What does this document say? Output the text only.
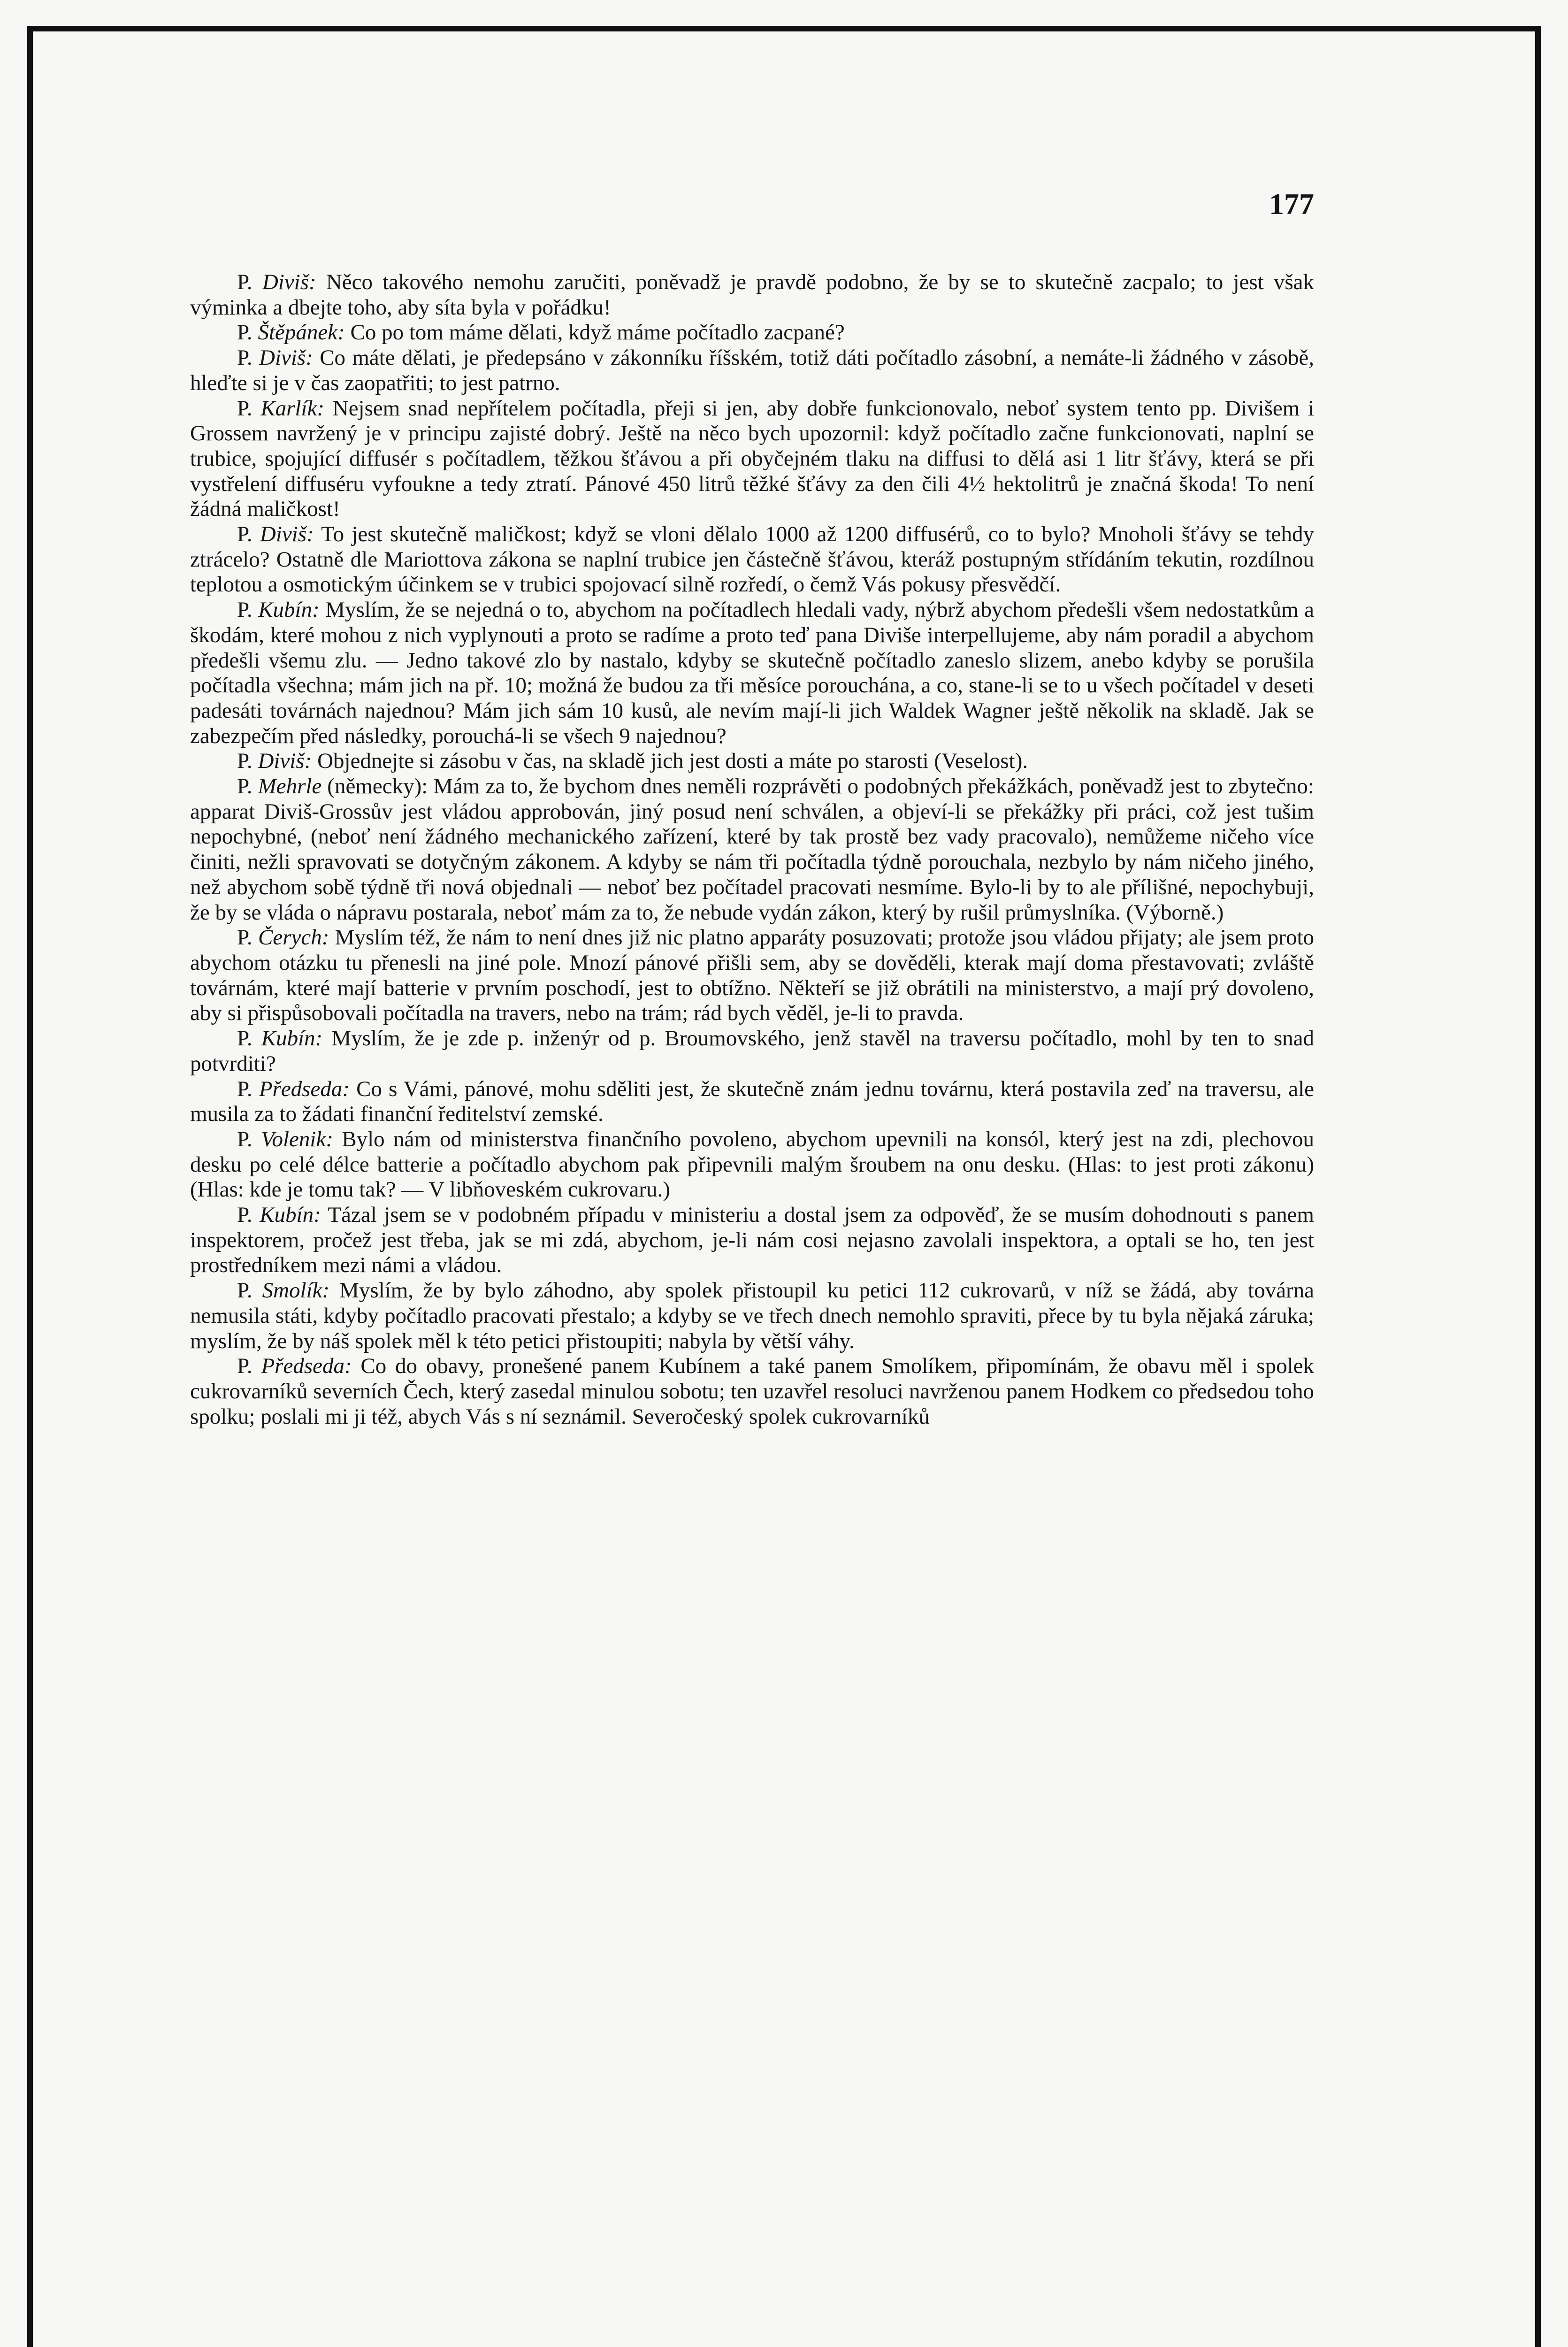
177

P. Diviš: Něco takového nemohu zaručiti, poněvadž je pravdě podobno, že by se to skutečně zacpalo; to jest však výminka a dbejte toho, aby síta byla v pořádku!

P. Štěpánek: Co po tom máme dělati, když máme počítadlo zacpané?

P. Diviš: Co máte dělati, je předepsáno v zákonníku říšském, totiž dáti počítadlo zásobní, a nemáte-li žádného v zásobě, hleďte si je v čas zaopatřiti; to jest patrno.

P. Karlík: Nejsem snad nepřítelem počítadla, přeji si jen, aby dobře funkcionovalo, neboť system tento pp. Divišem i Grossem navržený je v principu zajisté dobrý. Ještě na něco bych upozornil: když počítadlo začne funkcionovati, naplní se trubice, spojující diffusér s počítadlem, těžkou šťávou a při obyčejném tlaku na diffusi to dělá asi 1 litr šťávy, která se při vystřelení diffuséru vyfoukne a tedy ztratí. Pánové 450 litrů těžké šťávy za den čili 4½ hektolitrů je značná škoda! To není žádná maličkost!

P. Diviš: To jest skutečně maličkost; když se vloni dělalo 1000 až 1200 diffusérů, co to bylo? Mnoholi šťávy se tehdy ztrácelo? Ostatně dle Mariottova zákona se naplní trubice jen částečně šťávou, kteráž postupným střídáním tekutin, rozdílnou teplotou a osmotickým účinkem se v trubici spojovací silně rozředí, o čemž Vás pokusy přesvědčí.

P. Kubín: Myslím, že se nejedná o to, abychom na počítadlech hledali vady, nýbrž abychom předešli všem nedostatkům a škodám, které mohou z nich vyplynouti a proto se radíme a proto teď pana Diviše interpellujeme, aby nám poradil a abychom předešli všemu zlu. — Jedno takové zlo by nastalo, kdyby se skutečně počítadlo zaneslo slizem, anebo kdyby se porušila počítadla všechna; mám jich na př. 10; možná že budou za tři měsíce porouchána, a co, stane-li se to u všech počítadel v deseti padesáti továrnách najednou? Mám jich sám 10 kusů, ale nevím mají-li jich Waldek Wagner ještě několik na skladě. Jak se zabezpečím před následky, porouchá-li se všech 9 najednou?

P. Diviš: Objednejte si zásobu v čas, na skladě jich jest dosti a máte po starosti (Veselost).

P. Mehrle (německy): Mám za to, že bychom dnes neměli rozprávěti o podobných překážkách, poněvadž jest to zbytečno: apparat Diviš-Grossův jest vládou approbován, jiný posud není schválen, a objeví-li se překážky při práci, což jest tušim nepochybné, (neboť není žádného mechanického zařízení, které by tak prostě bez vady pracovalo), nemůžeme ničeho více činiti, nežli spravovati se dotyčným zákonem. A kdyby se nám tři počítadla týdně porouchala, nezbylo by nám ničeho jiného, než abychom sobě týdně tři nová objednali — neboť bez počítadel pracovati nesmíme. Bylo-li by to ale přílišné, nepochybuji, že by se vláda o nápravu postarala, neboť mám za to, že nebude vydán zákon, který by rušil průmyslníka. (Výborně.)

P. Čerych: Myslím též, že nám to není dnes již nic platno apparáty posuzovati; protože jsou vládou přijaty; ale jsem proto abychom otázku tu přenesli na jiné pole. Mnozí pánové přišli sem, aby se dověděli, kterak mají doma přestavovati; zvláště továrnám, které mají batterie v prvním poschodí, jest to obtížno. Někteří se již obrátili na ministerstvo, a mají prý dovoleno, aby si přispůsobovali počítadla na travers, nebo na trám; rád bych věděl, je-li to pravda.

P. Kubín: Myslím, že je zde p. inženýr od p. Broumovského, jenž stavěl na traversu počítadlo, mohl by ten to snad potvrditi?

P. Předseda: Co s Vámi, pánové, mohu sděliti jest, že skutečně znám jednu továrnu, která postavila zeď na traversu, ale musila za to žádati finanční ředitelství zemské.

P. Volenik: Bylo nám od ministerstva finančního povoleno, abychom upevnili na konsól, který jest na zdi, plechovou desku po celé délce batterie a počítadlo abychom pak připevnili malým šroubem na onu desku. (Hlas: to jest proti zákonu) (Hlas: kde je tomu tak? — V libňoveském cukrovaru.)

P. Kubín: Tázal jsem se v podobném případu v ministeriu a dostal jsem za odpověď, že se musím dohodnouti s panem inspektorem, pročež jest třeba, jak se mi zdá, abychom, je-li nám cosi nejasno zavolali inspektora, a optali se ho, ten jest prostředníkem mezi námi a vládou.

P. Smolík: Myslím, že by bylo záhodno, aby spolek přistoupil ku petici 112 cukrovarů, v níž se žádá, aby továrna nemusila státi, kdyby počítadlo pracovati přestalo; a kdyby se ve třech dnech nemohlo spraviti, přece by tu byla nějaká záruka; myslím, že by náš spolek měl k této petici přistoupiti; nabyla by větší váhy.

P. Předseda: Co do obavy, pronešené panem Kubínem a také panem Smolíkem, připomínám, že obavu měl i spolek cukrovarníků severních Čech, který zasedal minulou sobotu; ten uzavřel resoluci navrženou panem Hodkem co předsedou toho spolku; poslali mi ji též, abych Vás s ní seznámil. Severočeský spolek cukrovarníků
